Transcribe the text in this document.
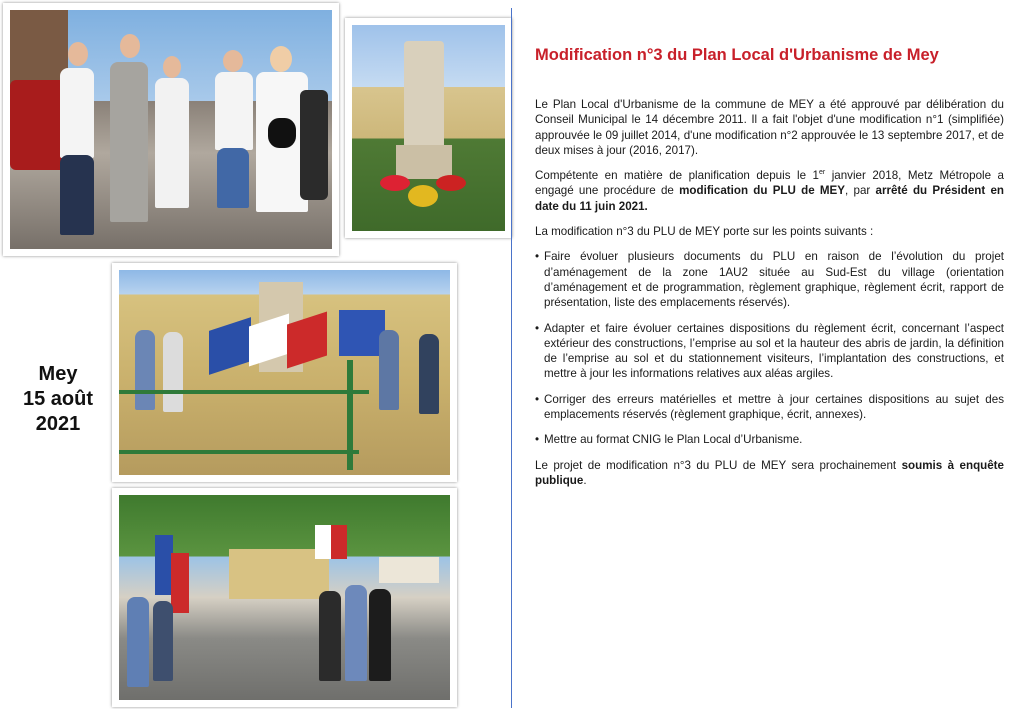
Mey
15 août
2021
Modification n°3 du Plan Local d'Urbanisme de Mey

Le Plan Local d'Urbanisme de la commune de MEY a été approuvé par délibération du Conseil Municipal le 14 décembre 2011. Il a fait l'objet d'une modification n°1 (simplifiée) approuvée le 09 juillet 2014, d'une modification n°2 approuvée le 13 septembre 2017, et de deux mises à jour (2016, 2017).

Compétente en matière de planification depuis le 1er janvier 2018, Metz Métropole a engagé une procédure de modification du PLU de MEY, par arrêté du Président en date du 11 juin 2021.

La modification n°3 du PLU de MEY porte sur les points suivants :

• Faire évoluer plusieurs documents du PLU en raison de l’évolution du projet d’aménagement de la zone 1AU2 située au Sud-Est du village (orientation d’aménagement et de programmation, règlement graphique, règlement écrit, rapport de présentation, liste des emplacements réservés).
• Adapter et faire évoluer certaines dispositions du règlement écrit, concernant l’aspect extérieur des constructions, l’emprise au sol et la hauteur des abris de jardin, la définition de l’emprise au sol et du stationnement visiteurs, l’implantation des constructions, et mettre à jour les informations relatives aux aléas argiles.
• Corriger des erreurs matérielles et mettre à jour certaines dispositions au sujet des emplacements réservés (règlement graphique, écrit, annexes).
• Mettre au format CNIG le Plan Local d’Urbanisme.

Le projet de modification n°3 du PLU de MEY sera prochainement soumis à enquête publique.
